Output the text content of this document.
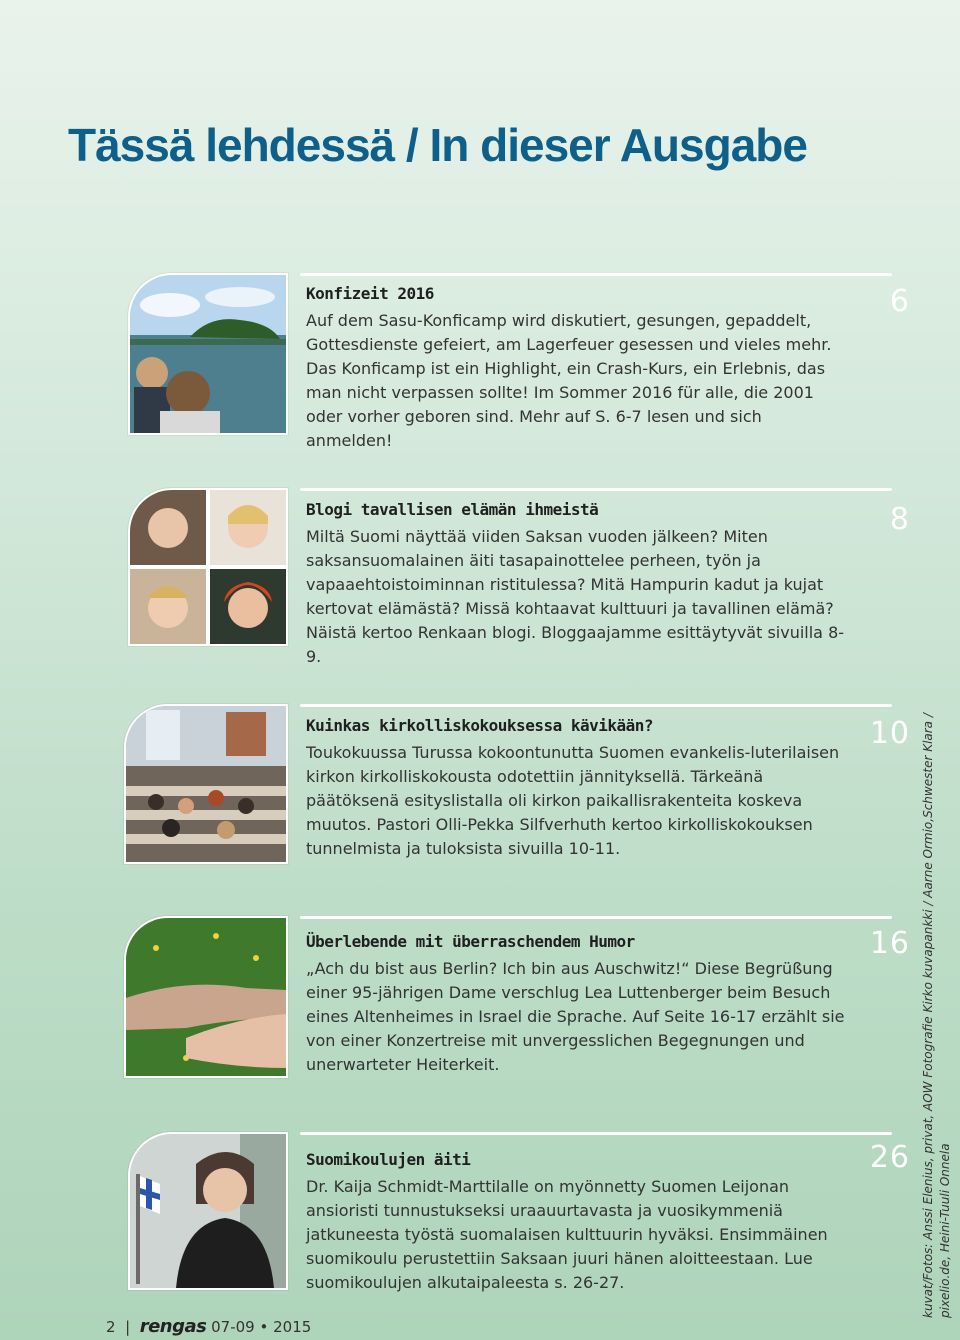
Tässä lehdessä / In dieser Ausgabe
6

Konfizeit 2016

Auf dem Sasu-Konficamp wird diskutiert, gesungen, gepaddelt, Gottesdienste gefeiert, am Lagerfeuer gesessen und vieles mehr. Das Konficamp ist ein Highlight, ein Crash-Kurs, ein Erlebnis, das man nicht verpassen sollte! Im Sommer 2016 für alle, die 2001 oder vorher geboren sind. Mehr auf S. 6-7 lesen und sich anmelden!

8

Blogi tavallisen elämän ihmeistä

Miltä Suomi näyttää viiden Saksan vuoden jälkeen? Miten saksansuomalainen äiti tasapainottelee perheen, työn ja vapaaehtoistoiminnan ristitulessa? Mitä Hampurin kadut ja kujat kertovat elämästä? Missä kohtaavat kulttuuri ja tavallinen elämä? Näistä kertoo Renkaan blogi. Bloggaajamme esittäytyvät sivuilla 8-9.

10

Kuinkas kirkolliskokouksessa kävikään?

Toukokuussa Turussa kokoontunutta Suomen evankelis-luterilaisen kirkon kirkolliskokousta odotettiin jännityksellä. Tärkeänä päätöksenä esityslistalla oli kirkon paikallisrakenteita koskeva muutos. Pastori Olli-Pekka Silfverhuth kertoo kirkolliskokouksen tunnelmista ja tuloksista sivuilla 10-11.

16

Überlebende mit überraschendem Humor

„Ach du bist aus Berlin? Ich bin aus Auschwitz!“ Diese Begrüßung einer 95-jährigen Dame verschlug Lea Luttenberger beim Besuch eines Altenheimes in Israel die Sprache. Auf Seite 16-17 erzählt sie von einer Konzertreise mit unvergesslichen Begegnungen und unerwarteter Heiterkeit.

26

Suomikoulujen äiti

Dr. Kaija Schmidt-Marttilalle on myönnetty Suomen Leijonan ansioristi tunnustukseksi uraauurtavasta ja vuosikymmeniä jatkuneesta työstä suomalaisen kulttuurin hyväksi. Ensimmäinen suomikoulu perustettiin Saksaan juuri hänen aloitteestaan. Lue suomikoulujen alkutaipaleesta s. 26-27.

2 | rengas 07-09 • 2015
kuvat/Fotos: Anssi Elenius, privat, AOW Fotografie Kirko kuvapankki / Aarne Ormio,Schwester Klara / pixelio.de, Heini-Tuuli Onnela
